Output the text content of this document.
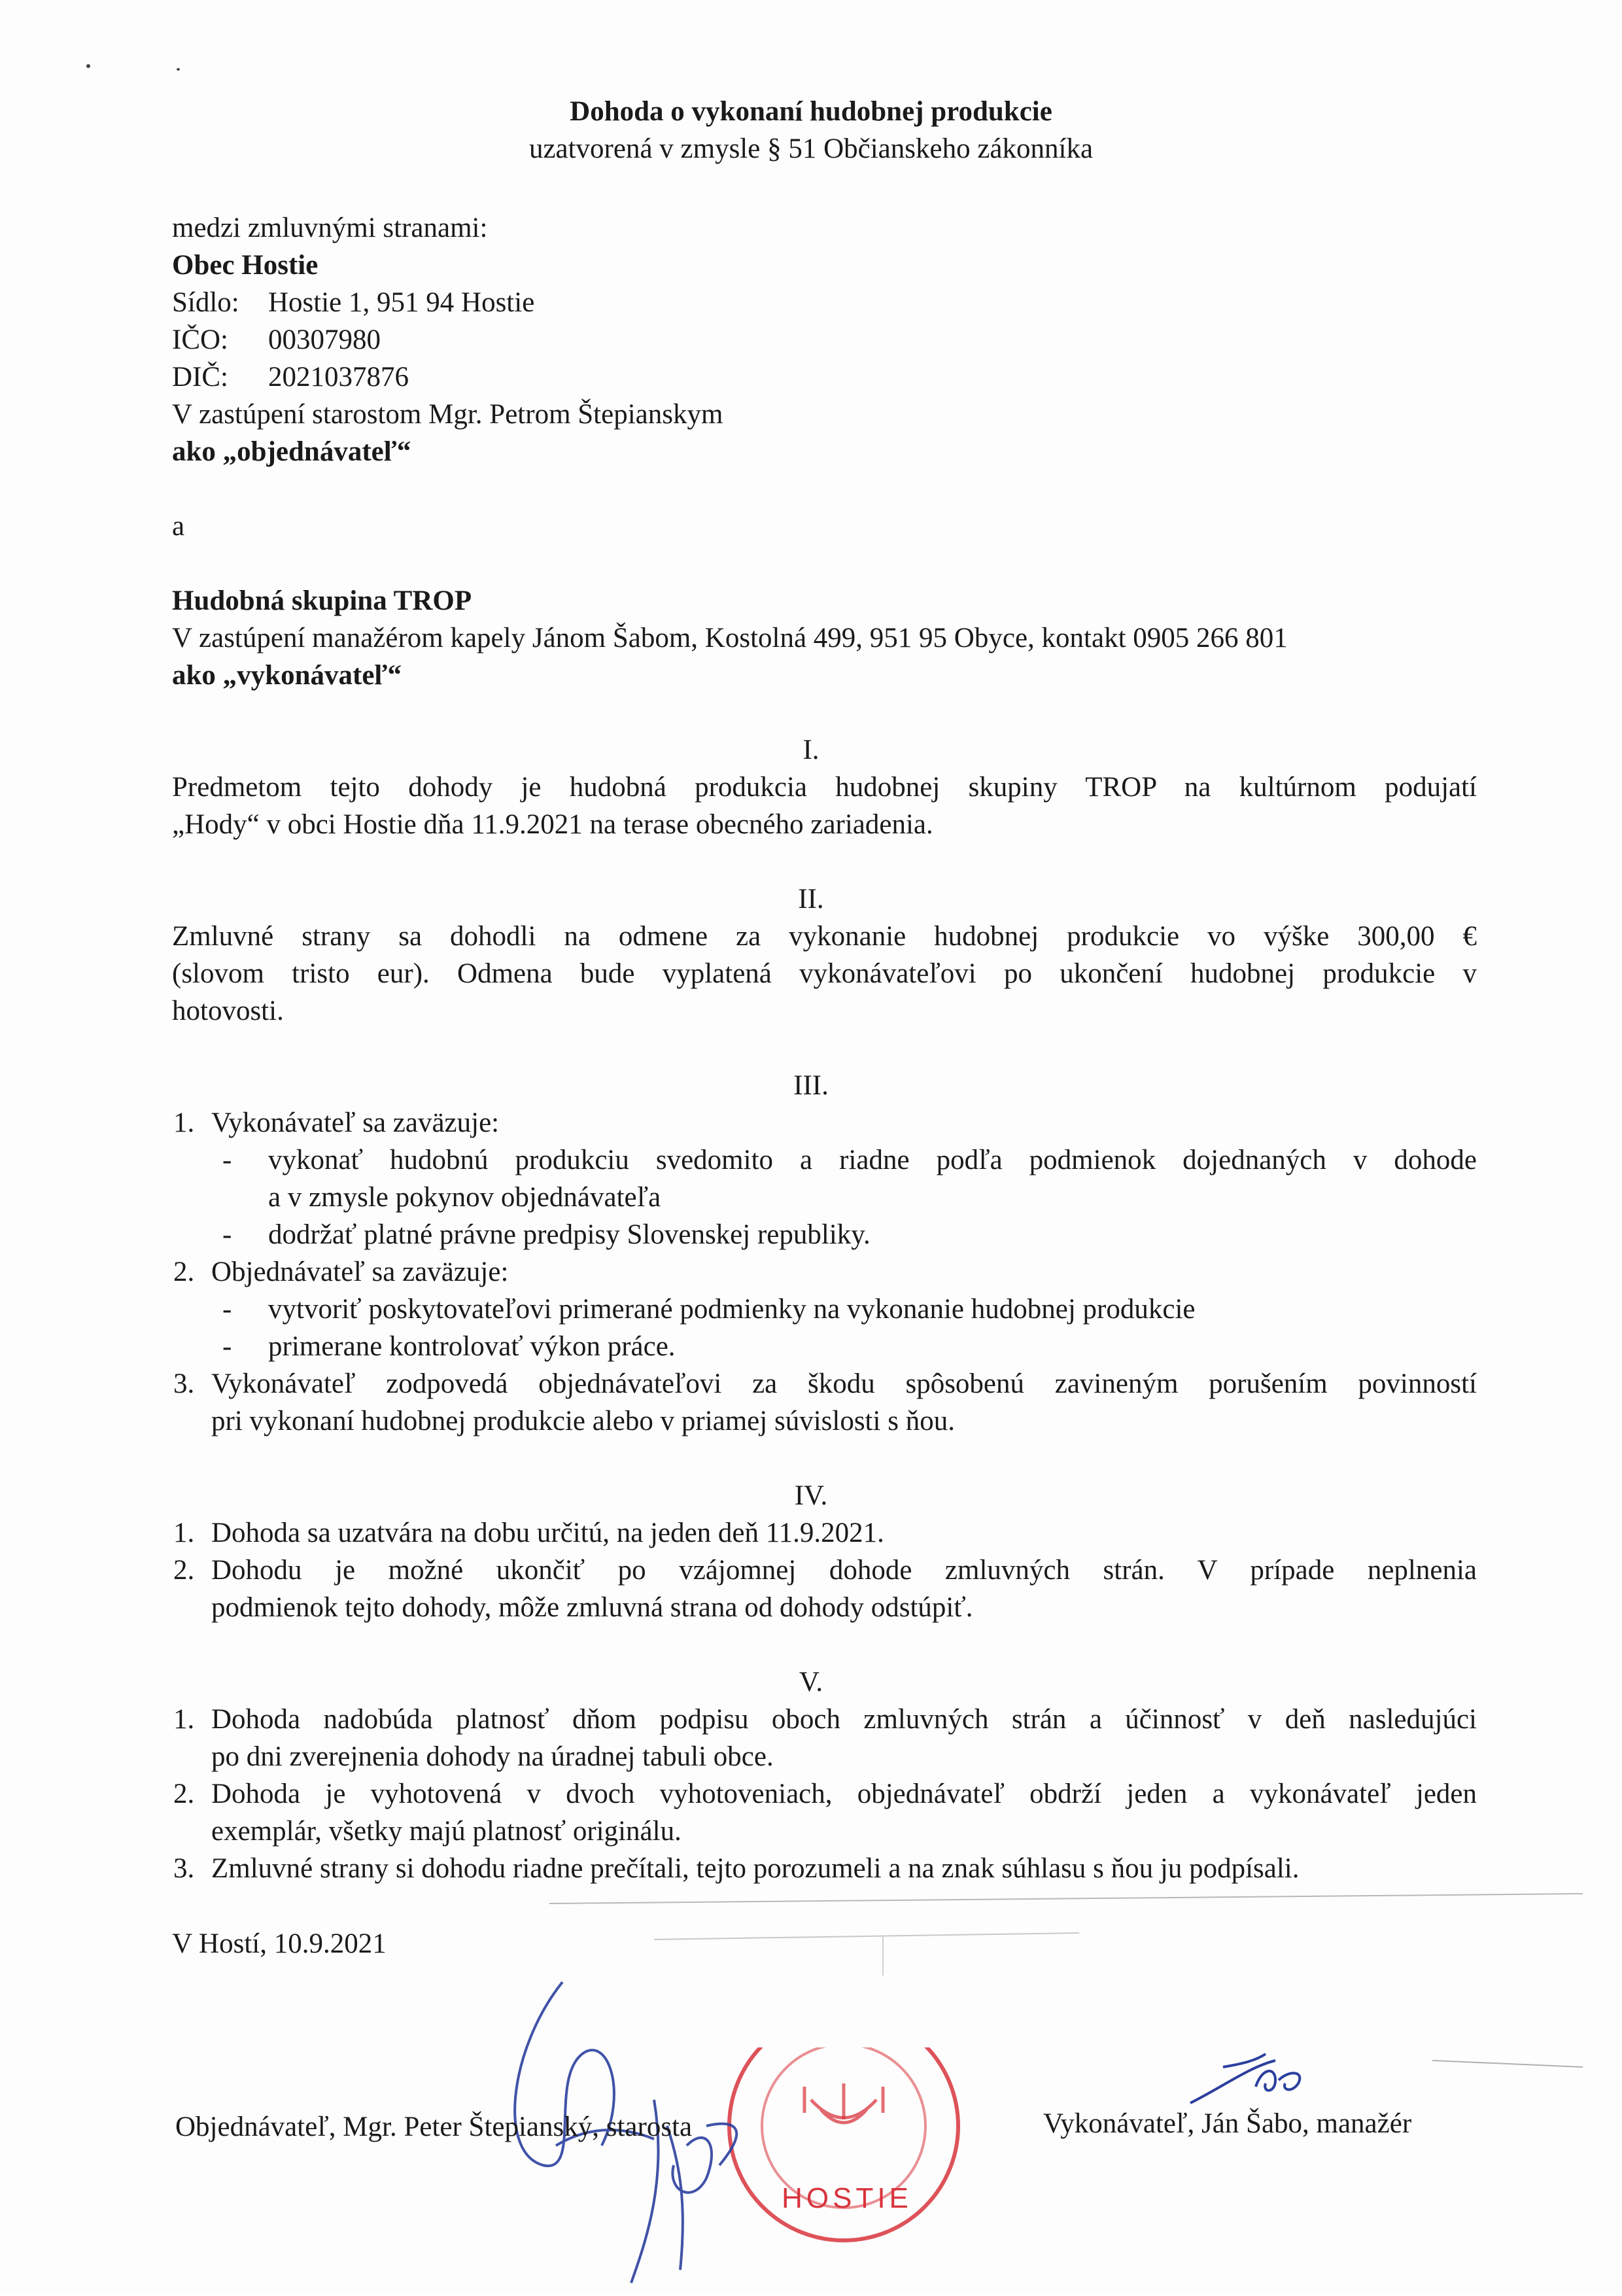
Dohoda o vykonaní hudobnej produkcie
uzatvorená v zmysle § 51 Občianskeho zákonníka
medzi zmluvnými stranami:
Obec Hostie
Sídlo: Hostie 1, 951 94 Hostie
IČO: 00307980
DIČ: 2021037876
V zastúpení starostom Mgr. Petrom Štepianskym
ako „objednávateľ“
a
Hudobná skupina TROP
V zastúpení manažérom kapely Jánom Šabom, Kostolná 499, 951 95 Obyce, kontakt 0905 266 801
ako „vykonávateľ“
I.
Predmetom tejto dohody je hudobná produkcia hudobnej skupiny TROP na kultúrnom podujatí
„Hody“ v obci Hostie dňa 11.9.2021 na terase obecného zariadenia.
II.
Zmluvné strany sa dohodli na odmene za vykonanie hudobnej produkcie vo výške 300,00 €
(slovom tristo eur). Odmena bude vyplatená vykonávateľovi po ukončení hudobnej produkcie v
hotovosti.
III.
1. Vykonávateľ sa zaväzuje:
- vykonať hudobnú produkciu svedomito a riadne podľa podmienok dojednaných v dohode
a v zmysle pokynov objednávateľa
- dodržať platné právne predpisy Slovenskej republiky.
2. Objednávateľ sa zaväzuje:
- vytvoriť poskytovateľovi primerané podmienky na vykonanie hudobnej produkcie
- primerane kontrolovať výkon práce.
3. Vykonávateľ zodpovedá objednávateľovi za škodu spôsobenú zavineným porušením povinností
pri vykonaní hudobnej produkcie alebo v priamej súvislosti s ňou.
IV.
1. Dohoda sa uzatvára na dobu určitú, na jeden deň 11.9.2021.
2. Dohodu je možné ukončiť po vzájomnej dohode zmluvných strán. V prípade neplnenia
podmienok tejto dohody, môže zmluvná strana od dohody odstúpiť.
V.
1. Dohoda nadobúda platnosť dňom podpisu oboch zmluvných strán a účinnosť v deň nasledujúci
po dni zverejnenia dohody na úradnej tabuli obce.
2. Dohoda je vyhotovená v dvoch vyhotoveniach, objednávateľ obdrží jeden a vykonávateľ jeden
exemplár, všetky majú platnosť originálu.
3. Zmluvné strany si dohodu riadne prečítali, tejto porozumeli a na znak súhlasu s ňou ju podpísali.
V Hostí, 10.9.2021
HOSTIE
Objednávateľ, Mgr. Peter Štepianský, starosta	Vykonávateľ, Ján Šabo, manažér
